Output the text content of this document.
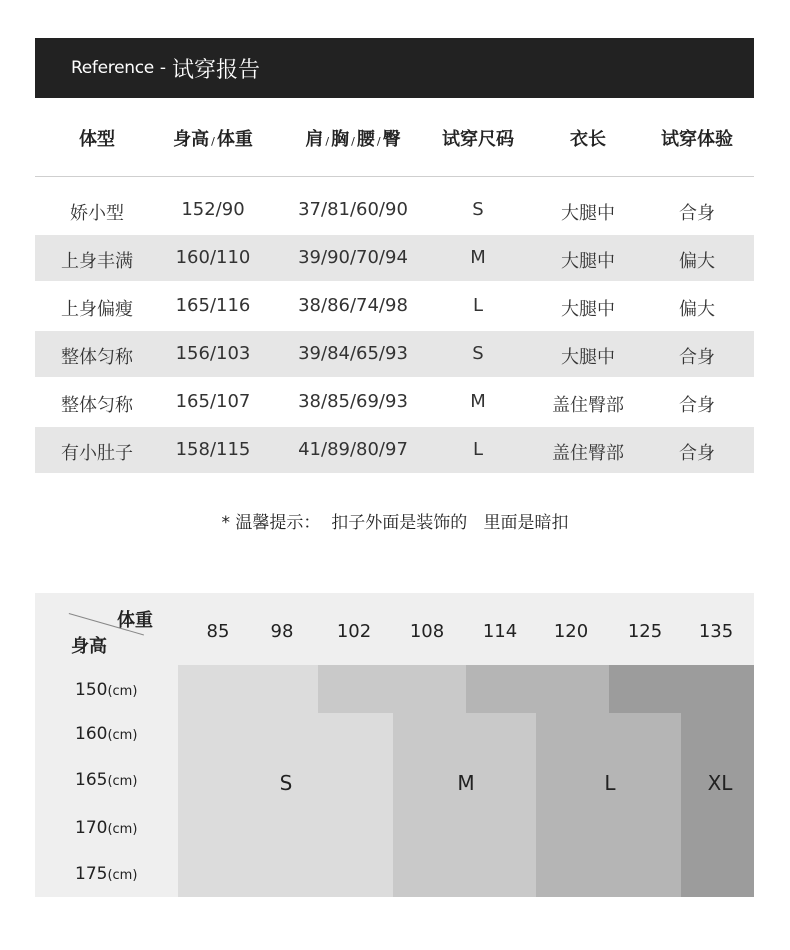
Reference - 试穿报告
体型	身高 / 体重	肩 / 胸 / 腰 / 臀	试穿尺码	衣长	试穿体验
娇小型	152/90	37/81/60/90	S	大腿中	合身
上身丰满	160/110	39/90/70/94	M	大腿中	偏大
上身偏瘦	165/116	38/86/74/98	L	大腿中	偏大
整体匀称	156/103	39/84/65/93	S	大腿中	合身
整体匀称	165/107	38/85/69/93	M	盖住臀部	合身
有小肚子	158/115	41/89/80/97	L	盖住臀部	合身
* 温馨提示：  扣子外面是装饰的   里面是暗扣
体重
身高
85	98	102	108	114	120	125	135
150(cm)
160(cm)
165(cm)
170(cm)
175(cm)
S	M	L	XL
